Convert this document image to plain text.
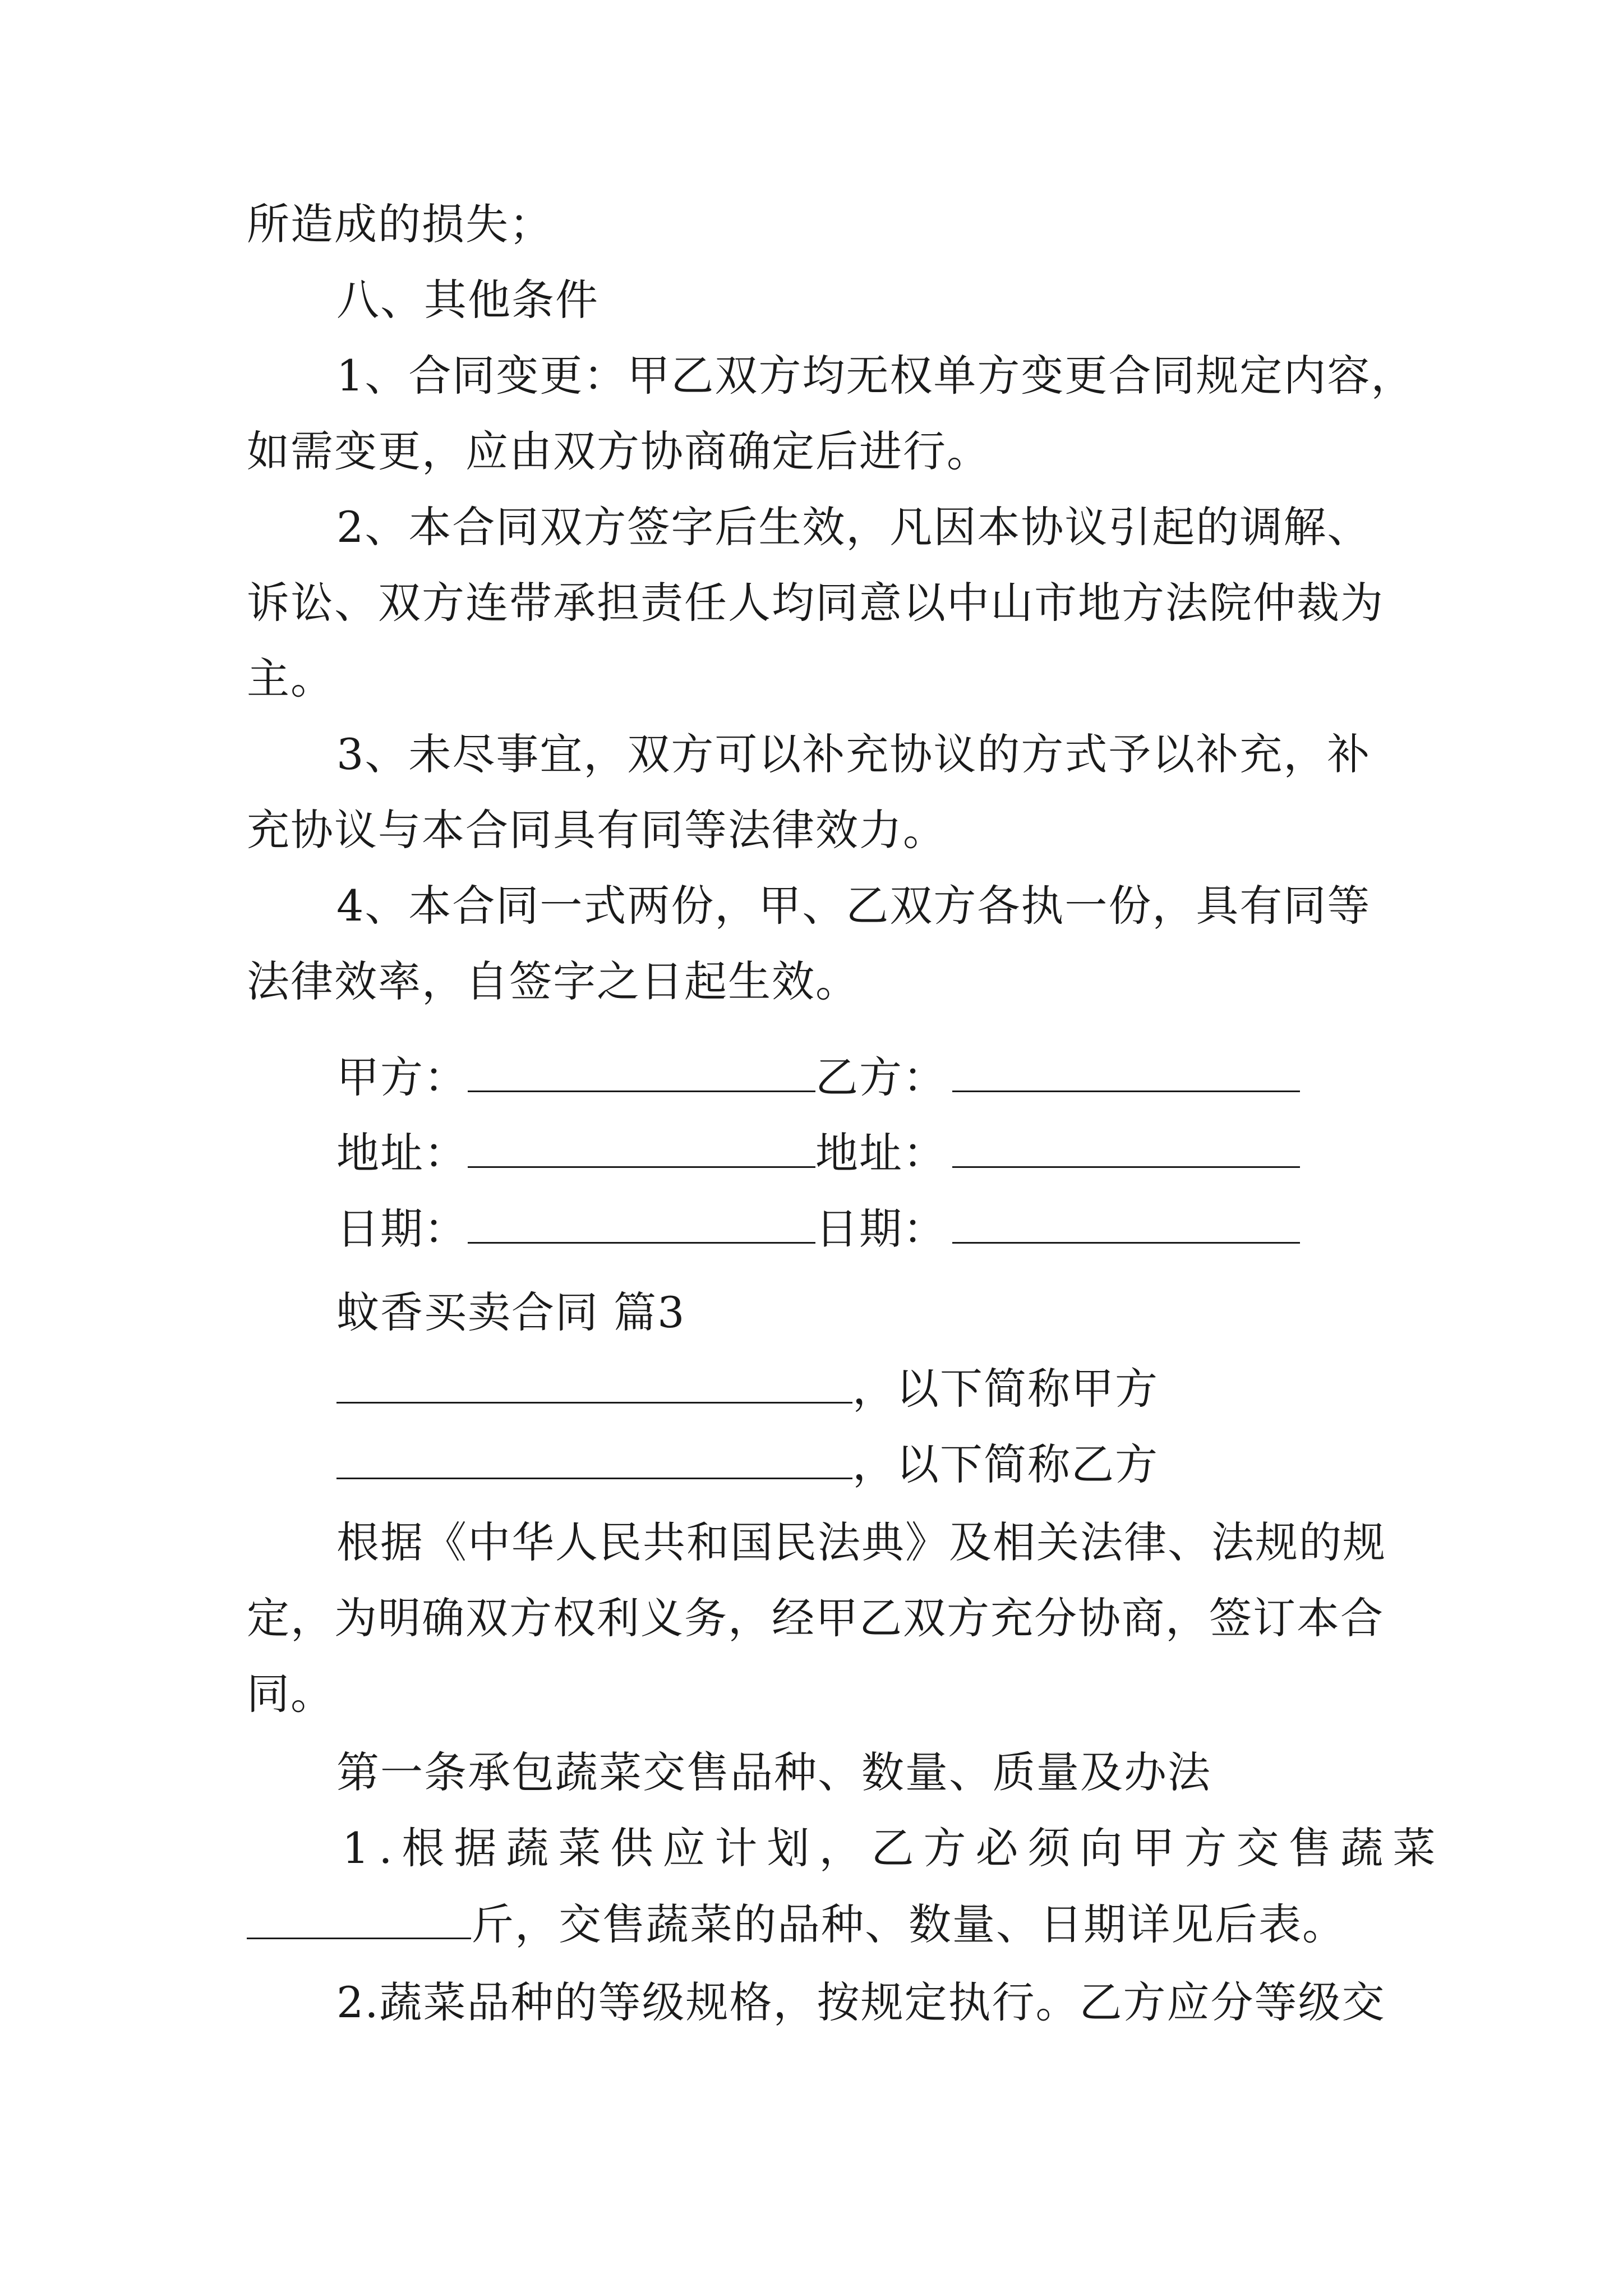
所造成的损失；
八、其他条件
1、合同变更：甲乙双方均无权单方变更合同规定内容，
如需变更，应由双方协商确定后进行。
2、本合同双方签字后生效，凡因本协议引起的调解、
诉讼、双方连带承担责任人均同意以中山市地方法院仲裁为
主。
3、未尽事宜，双方可以补充协议的方式予以补充，补
充协议与本合同具有同等法律效力。
4、本合同一式两份，甲、乙双方各执一份，具有同等
法律效率，自签字之日起生效。
甲方：	乙方：
地址：	地址：
日期：	日期：
蚊香买卖合同 篇3
，以下简称甲方
，以下简称乙方
根据《中华人民共和国民法典》及相关法律、法规的规
定，为明确双方权利义务，经甲乙双方充分协商，签订本合
同。
第一条承包蔬菜交售品种、数量、质量及办法
1.根据蔬菜供应计划，乙方必须向甲方交售蔬菜
斤，交售蔬菜的品种、数量、日期详见后表。
2.蔬菜品种的等级规格，按规定执行。乙方应分等级交
